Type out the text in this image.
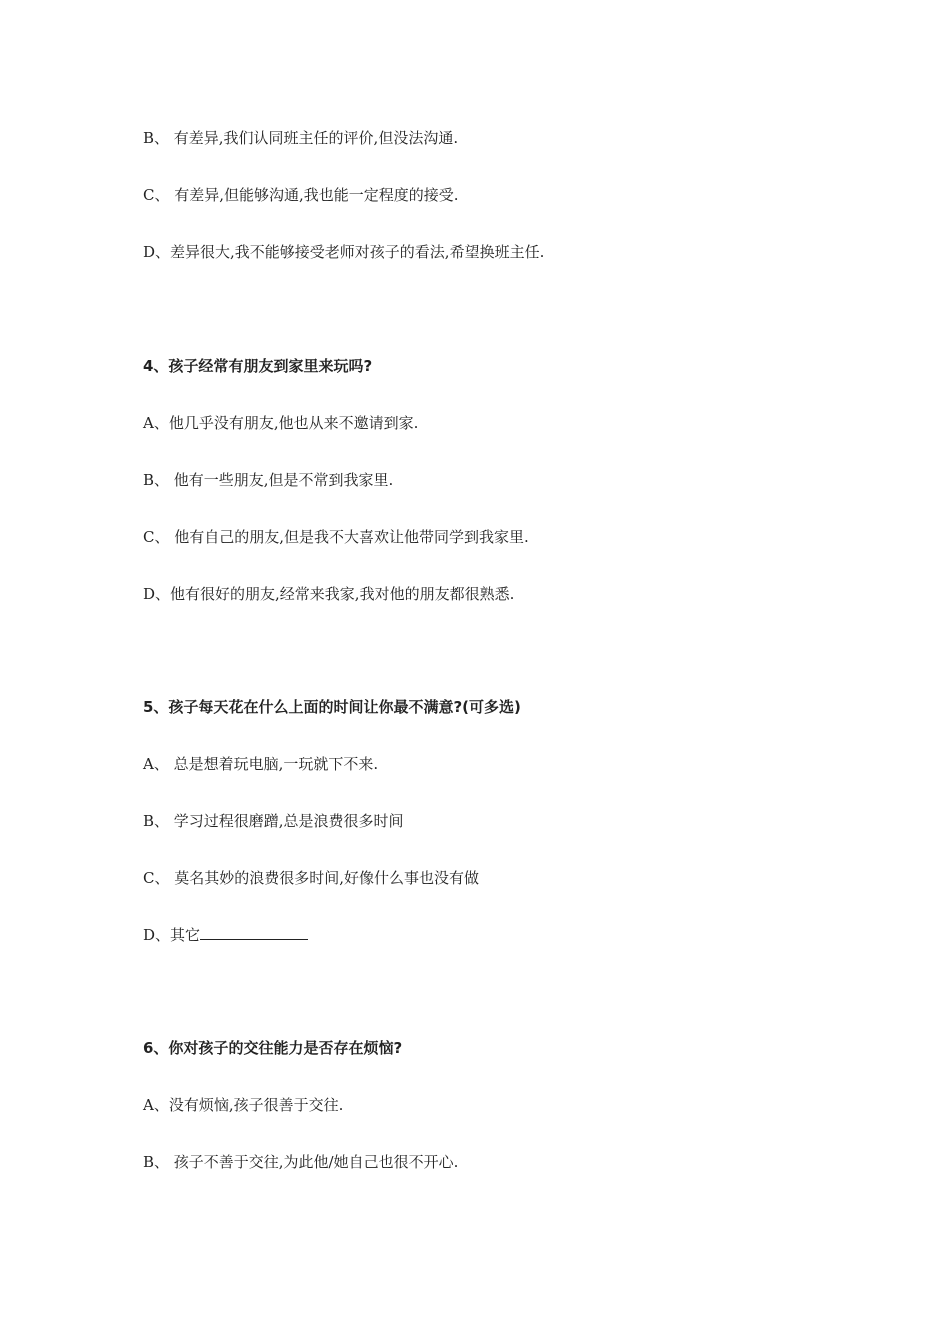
B、 有差异,我们认同班主任的评价,但没法沟通.
C、 有差异,但能够沟通,我也能一定程度的接受.
D、差异很大,我不能够接受老师对孩子的看法,希望换班主任.
4、孩子经常有朋友到家里来玩吗?
A、他几乎没有朋友,他也从来不邀请到家.
B、 他有一些朋友,但是不常到我家里.
C、 他有自己的朋友,但是我不大喜欢让他带同学到我家里.
D、他有很好的朋友,经常来我家,我对他的朋友都很熟悉.
5、孩子每天花在什么上面的时间让你最不满意?(可多选)
A、 总是想着玩电脑,一玩就下不来.
B、 学习过程很磨蹭,总是浪费很多时间
C、 莫名其妙的浪费很多时间,好像什么事也没有做
D、其它
6、你对孩子的交往能力是否存在烦恼?
A、没有烦恼,孩子很善于交往.
B、 孩子不善于交往,为此他/她自己也很不开心.
